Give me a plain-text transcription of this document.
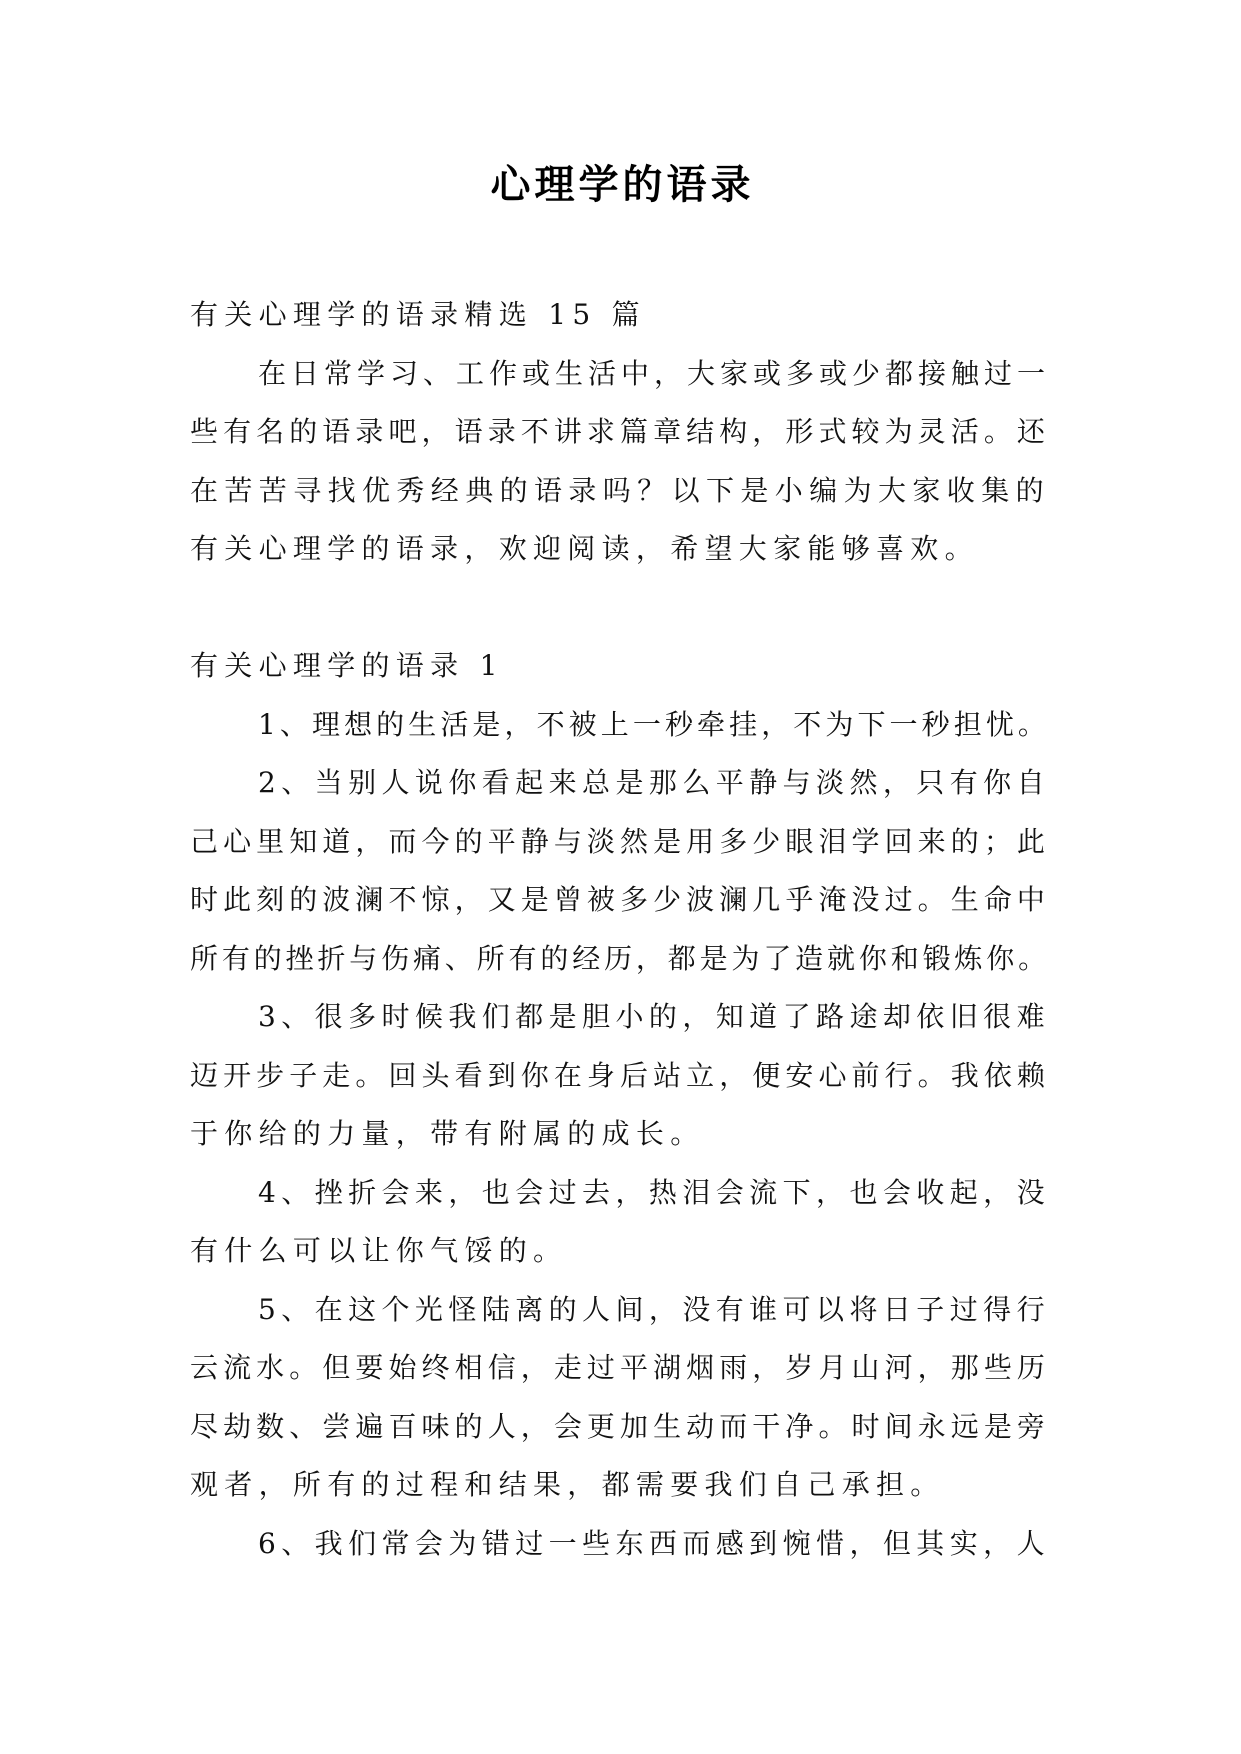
心理学的语录
有关心理学的语录精选 15 篇
在日常学习、工作或生活中，大家或多或少都接触过一
些有名的语录吧，语录不讲求篇章结构，形式较为灵活。还
在苦苦寻找优秀经典的语录吗？以下是小编为大家收集的
有关心理学的语录，欢迎阅读，希望大家能够喜欢。
有关心理学的语录 1
1、理想的生活是，不被上一秒牵挂，不为下一秒担忧。
2、当别人说你看起来总是那么平静与淡然，只有你自
己心里知道，而今的平静与淡然是用多少眼泪学回来的；此
时此刻的波澜不惊，又是曾被多少波澜几乎淹没过。生命中
所有的挫折与伤痛、所有的经历，都是为了造就你和锻炼你。
3、很多时候我们都是胆小的，知道了路途却依旧很难
迈开步子走。回头看到你在身后站立，便安心前行。我依赖
于你给的力量，带有附属的成长。
4、挫折会来，也会过去，热泪会流下，也会收起，没
有什么可以让你气馁的。
5、在这个光怪陆离的人间，没有谁可以将日子过得行
云流水。但要始终相信，走过平湖烟雨，岁月山河，那些历
尽劫数、尝遍百味的人，会更加生动而干净。时间永远是旁
观者，所有的过程和结果，都需要我们自己承担。
6、我们常会为错过一些东西而感到惋惜，但其实，人
